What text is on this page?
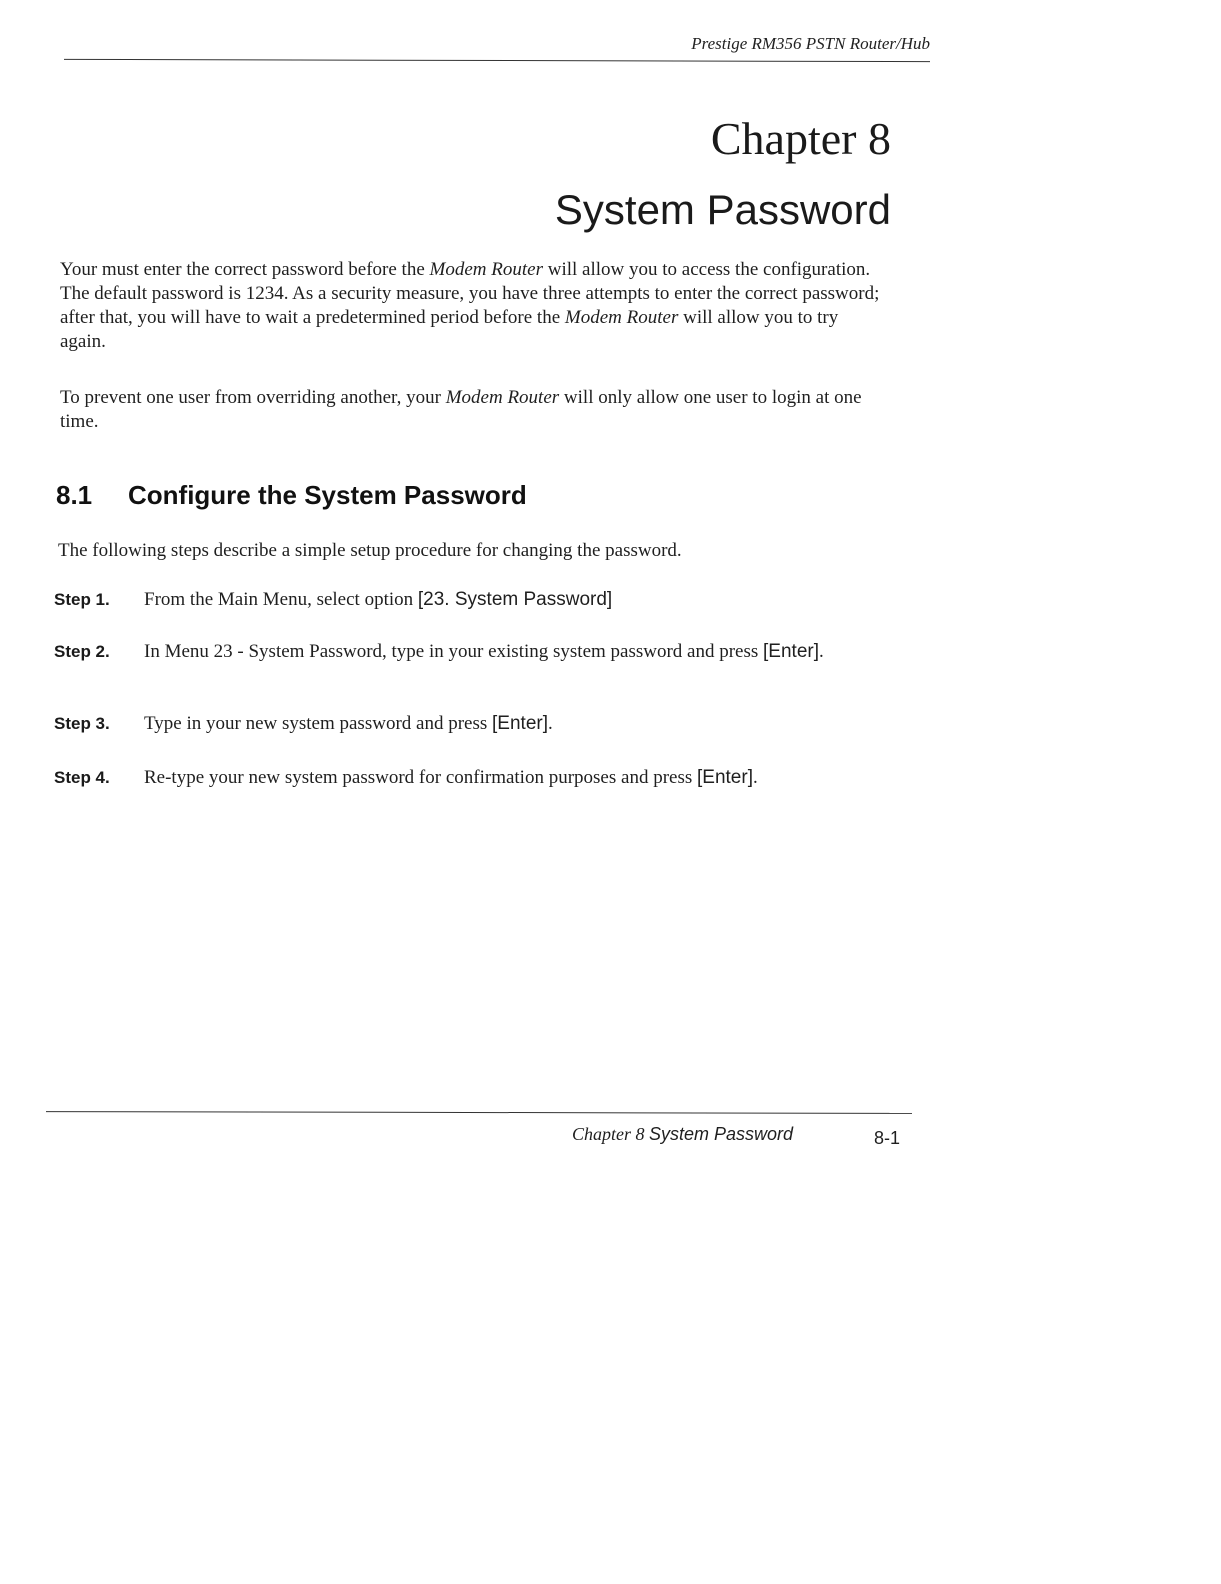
Prestige RM356 PSTN Router/Hub
Chapter 8
System Password

Your must enter the correct password before the Modem Router will allow you to access the configuration. The default password is 1234. As a security measure, you have three attempts to enter the correct password; after that, you will have to wait a predetermined period before the Modem Router will allow you to try again.

To prevent one user from overriding another, your Modem Router will only allow one user to login at one time.

8.1 Configure the System Password
The following steps describe a simple setup procedure for changing the password.
Step 1. From the Main Menu, select option [23. System Password]
Step 2. In Menu 23 - System Password, type in your existing system password and press [Enter].
Step 3. Type in your new system password and press [Enter].
Step 4. Re-type your new system password for confirmation purposes and press [Enter].
Chapter 8 System Password	8-1
